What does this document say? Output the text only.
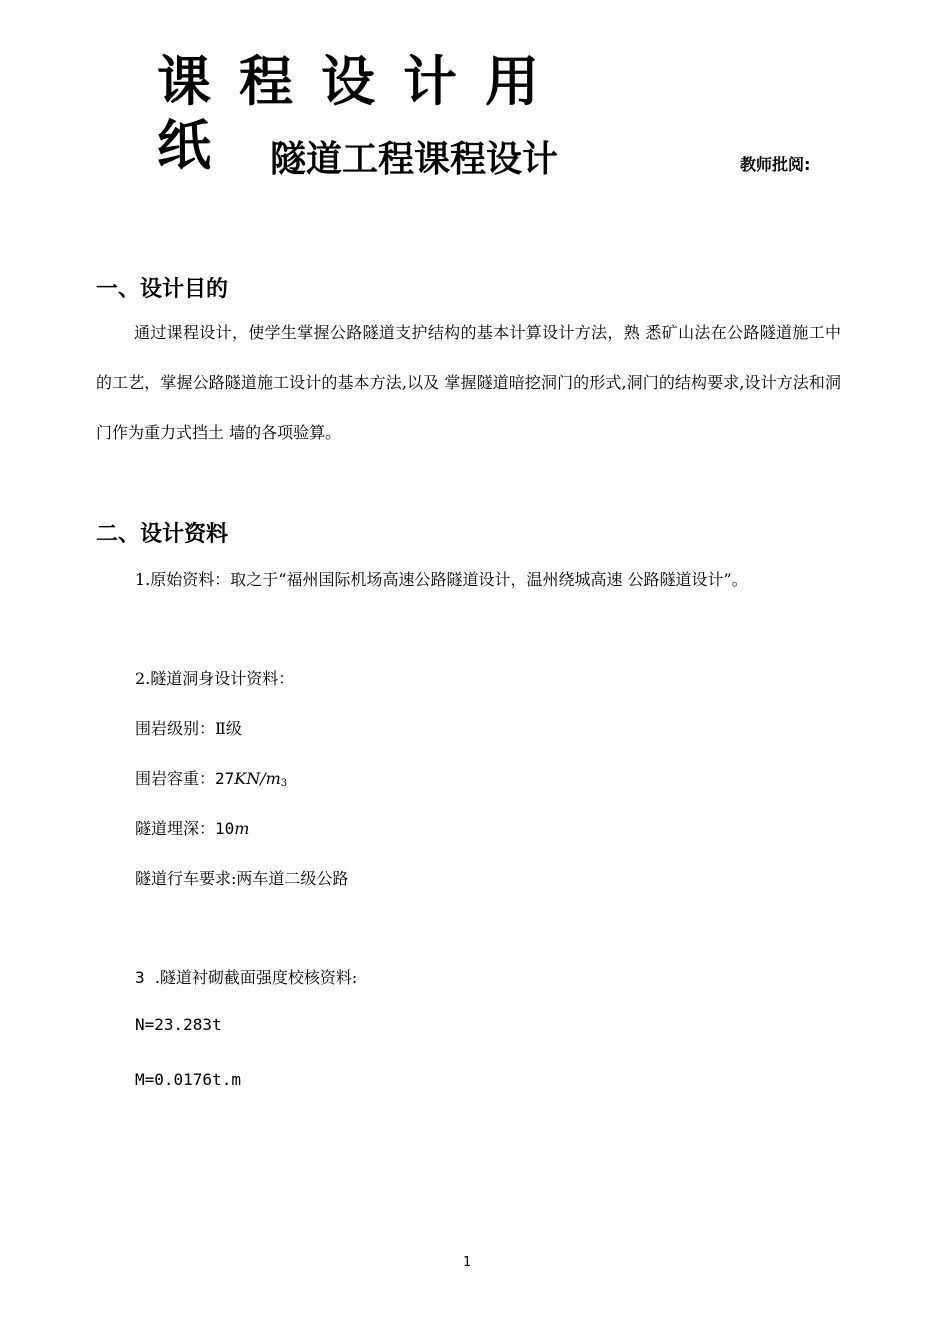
课程设计用纸 隧道工程课程设计	教师批阅:
一、设计目的
通过课程设计，使学生掌握公路隧道支护结构的基本计算设计方法，熟 悉矿山法在公路隧道施工中的工艺，掌握公路隧道施工设计的基本方法,以及 掌握隧道暗挖洞门的形式,洞门的结构要求,设计方法和洞门作为重力式挡土 墙的各项验算。
二、设计资料
1.原始资料：取之于“福州国际机场高速公路隧道设计，温州绕城高速 公路隧道设计”。
2.隧道洞身设计资料：
围岩级别：Ⅱ级
围岩容重：$27KN/m_3$
隧道埋深：10m
隧道行车要求:两车道二级公路
3 .隧道衬砌截面强度校核资料:
N=23.283t
M=0.0176t.m
1
